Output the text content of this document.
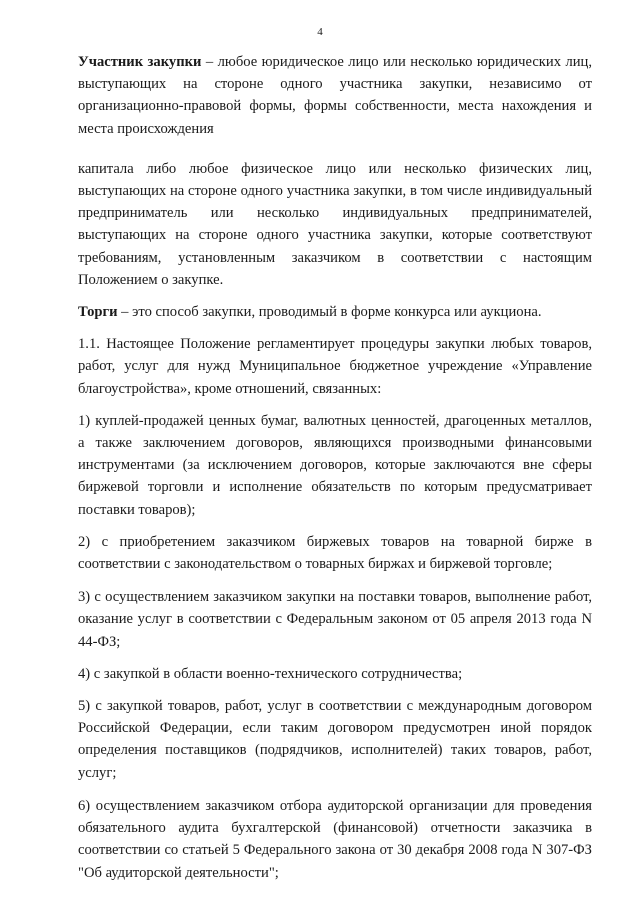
4

Участник закупки – любое юридическое лицо или несколько юридических лиц, выступающих на стороне одного участника закупки, независимо от организационно-правовой формы, формы собственности, места нахождения и места происхождения

капитала либо любое физическое лицо или несколько физических лиц, выступающих на стороне одного участника закупки, в том числе индивидуальный предприниматель или несколько индивидуальных предпринимателей, выступающих на стороне одного участника закупки, которые соответствуют требованиям, установленным заказчиком в соответствии с настоящим Положением о закупке.

Торги – это способ закупки, проводимый в форме конкурса или аукциона.

1.1. Настоящее Положение регламентирует процедуры закупки любых товаров, работ, услуг для нужд Муниципальное бюджетное учреждение «Управление благоустройства», кроме отношений, связанных:

1) куплей-продажей ценных бумаг, валютных ценностей, драгоценных металлов, а также заключением договоров, являющихся производными финансовыми инструментами (за исключением договоров, которые заключаются вне сферы биржевой торговли и исполнение обязательств по которым предусматривает поставки товаров);

2) с приобретением заказчиком биржевых товаров на товарной бирже в соответствии с законодательством о товарных биржах и биржевой торговле;

3) с осуществлением заказчиком закупки на поставки товаров, выполнение работ, оказание услуг в соответствии с Федеральным законом от 05 апреля 2013 года N 44-ФЗ;

4) с закупкой в области военно-технического сотрудничества;

5) с закупкой товаров, работ, услуг в соответствии с международным договором Российской Федерации, если таким договором предусмотрен иной порядок определения поставщиков (подрядчиков, исполнителей) таких товаров, работ, услуг;

6) осуществлением заказчиком отбора аудиторской организации для проведения обязательного аудита бухгалтерской (финансовой) отчетности заказчика в соответствии со статьей 5 Федерального закона от 30 декабря 2008 года N 307-ФЗ "Об аудиторской деятельности";
